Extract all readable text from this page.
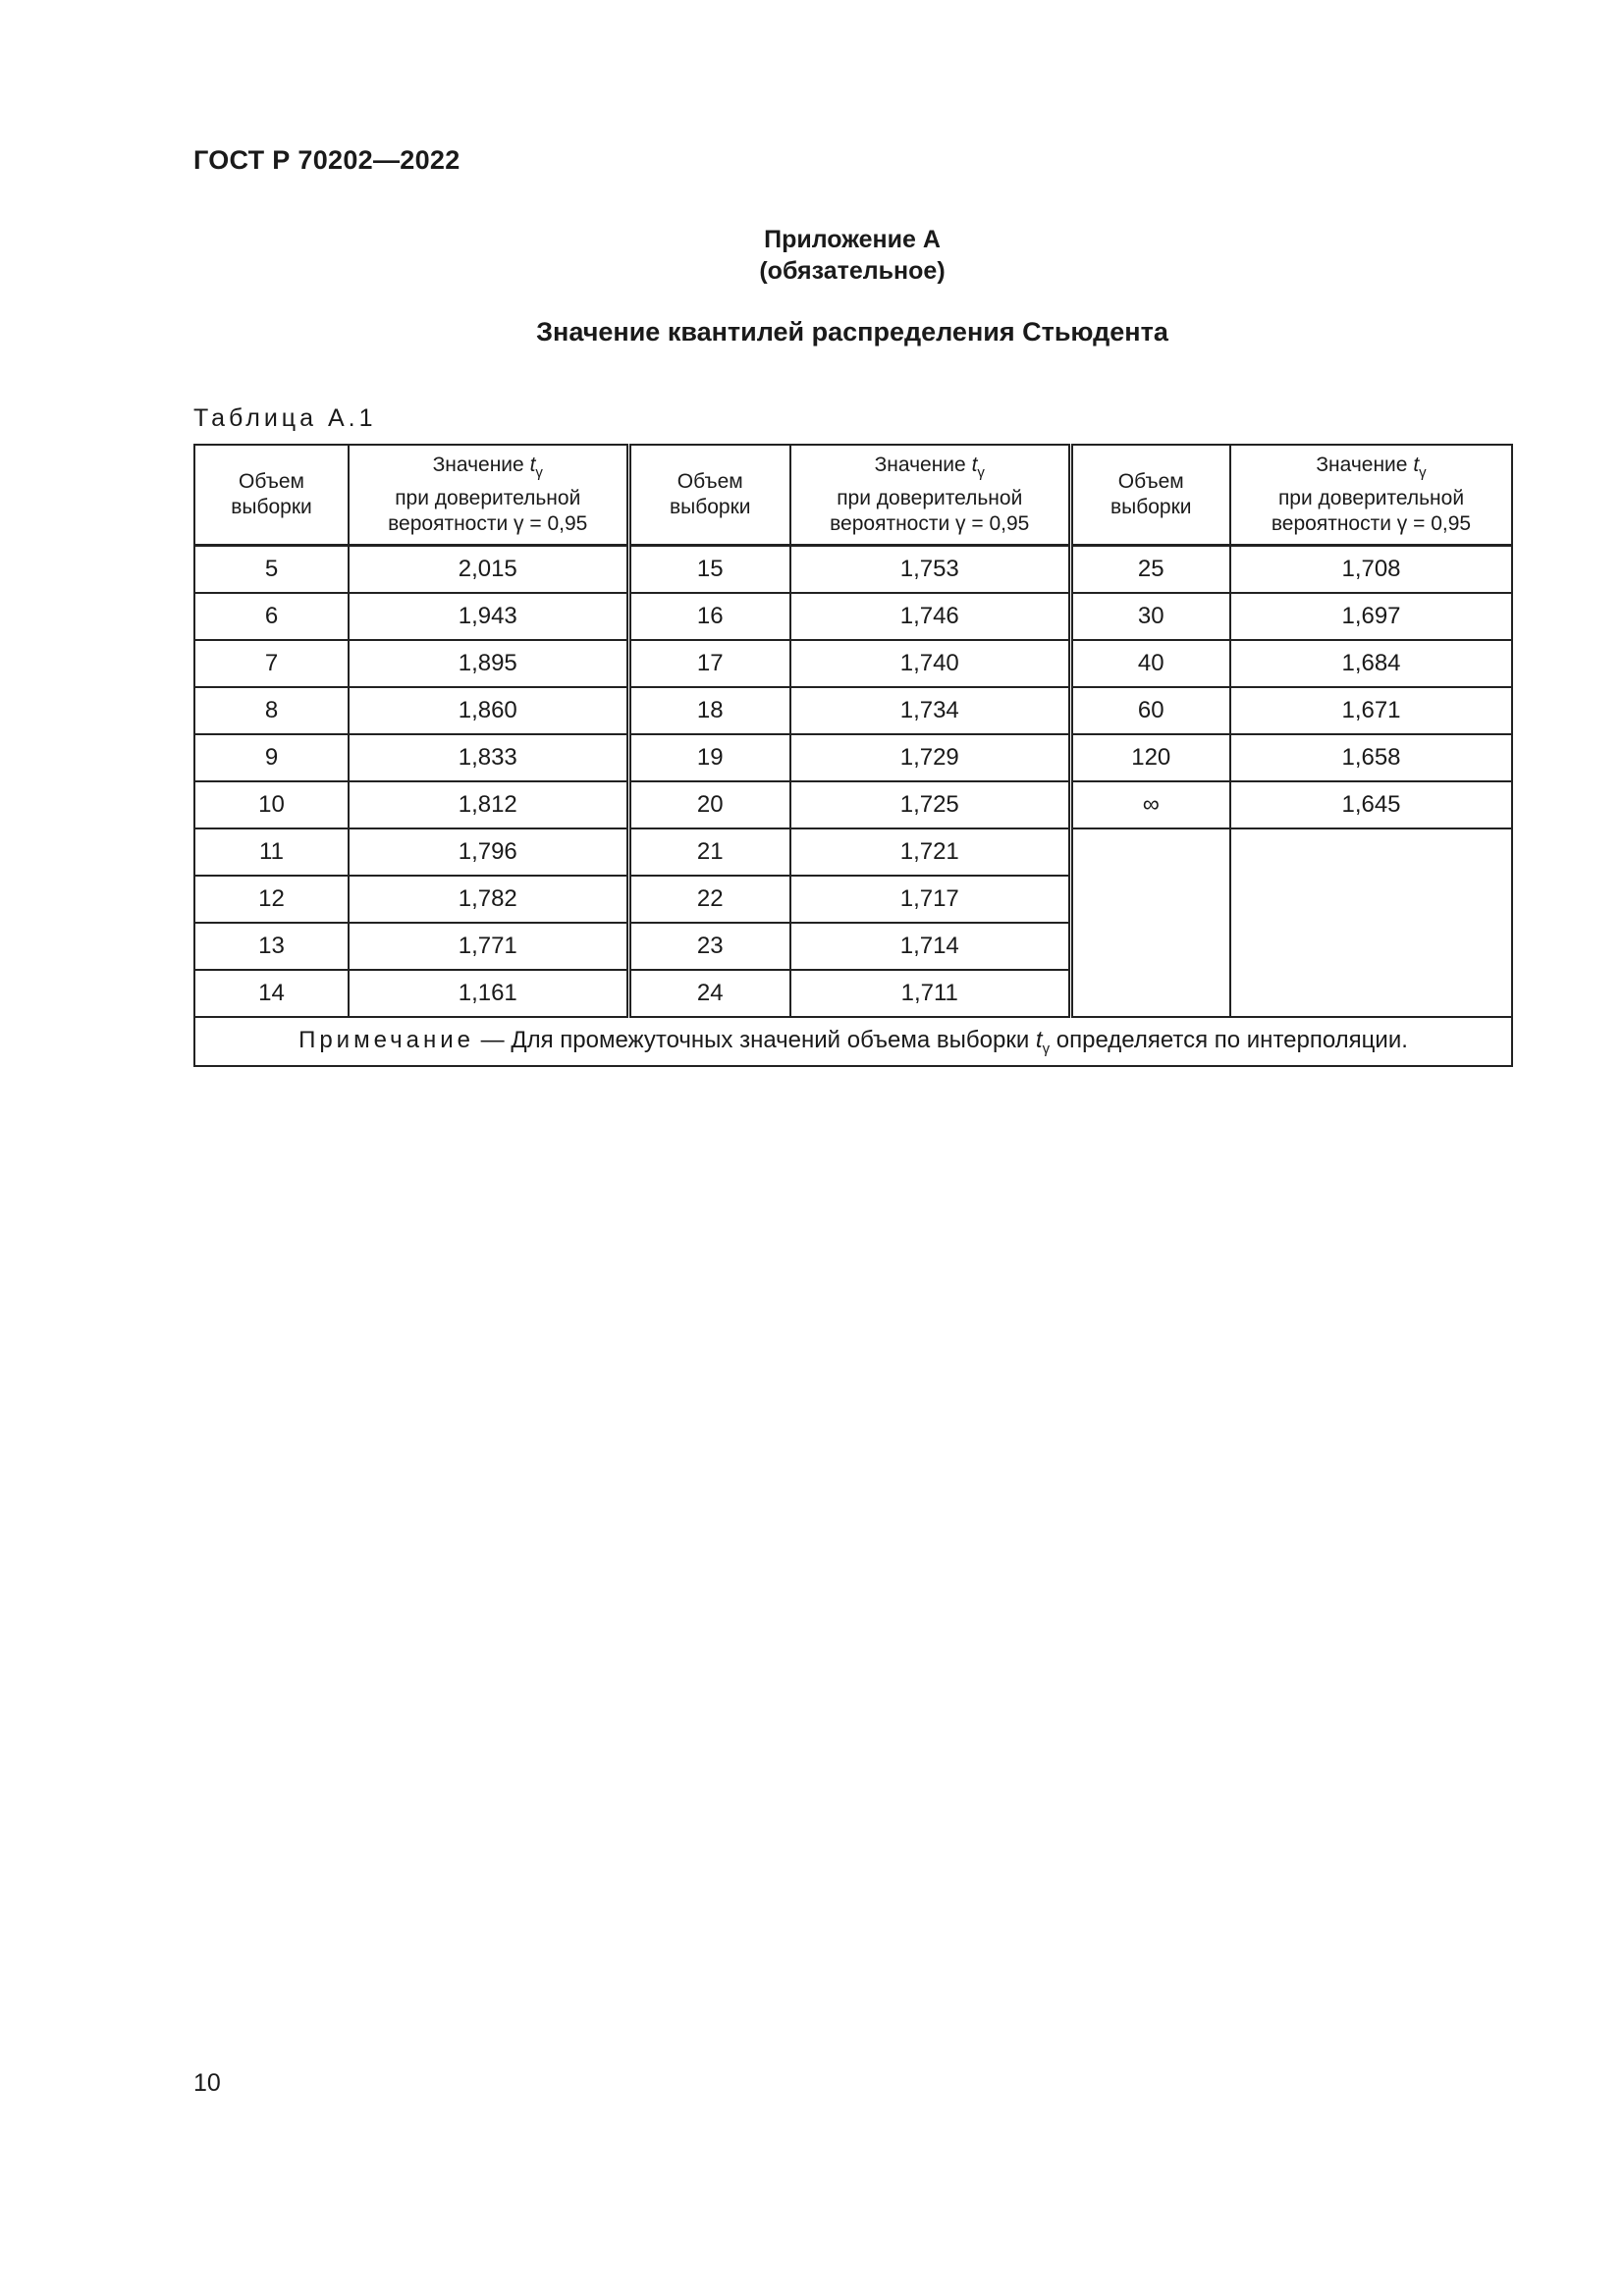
ГОСТ Р 70202—2022
Приложение А
(обязательное)
Значение квантилей распределения Стьюдента
Таблица А.1
Объем
выборки	Значение $t_\gamma$
при доверительной
вероятности γ = 0,95	Объем
выборки	Значение $t_\gamma$
при доверительной
вероятности γ = 0,95	Объем
выборки	Значение $t_\gamma$
при доверительной
вероятности γ = 0,95
5	2,015	15	1,753	25	1,708
6	1,943	16	1,746	30	1,697
7	1,895	17	1,740	40	1,684
8	1,860	18	1,734	60	1,671
9	1,833	19	1,729	120	1,658
10	1,812	20	1,725	∞	1,645
11	1,796	21	1,721		
12	1,782	22	1,717		
13	1,771	23	1,714		
14	1,161	24	1,711		
Примечание — Для промежуточных значений объема выборки $t_\gamma$ определяется по интерполяции.					
10
